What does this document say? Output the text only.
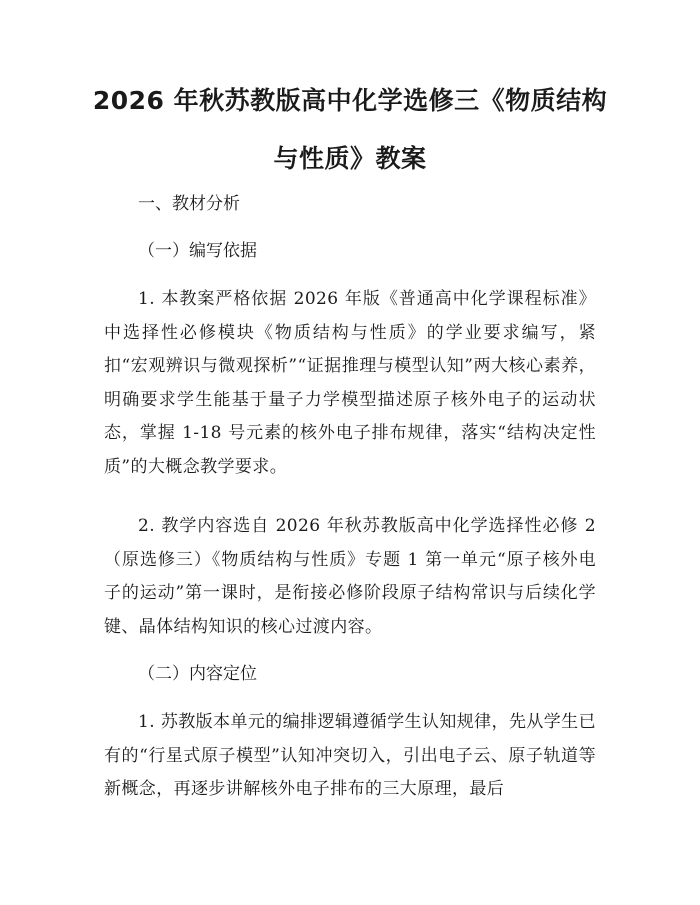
2026 年秋苏教版高中化学选修三《物质结构
与性质》教案

一、教材分析

（一）编写依据

1. 本教案严格依据 2026 年版《普通高中化学课程标准》中选择性必修模块《物质结构与性质》的学业要求编写，紧扣“宏观辨识与微观探析”“证据推理与模型认知”两大核心素养，明确要求学生能基于量子力学模型描述原子核外电子的运动状态，掌握 1-18 号元素的核外电子排布规律，落实“结构决定性质”的大概念教学要求。

2. 教学内容选自 2026 年秋苏教版高中化学选择性必修 2（原选修三）《物质结构与性质》专题 1 第一单元“原子核外电子的运动”第一课时，是衔接必修阶段原子结构常识与后续化学键、晶体结构知识的核心过渡内容。

（二）内容定位

1. 苏教版本单元的编排逻辑遵循学生认知规律，先从学生已有的“行星式原子模型”认知冲突切入，引出电子云、原子轨道等新概念，再逐步讲解核外电子排布的三大原理，最后
